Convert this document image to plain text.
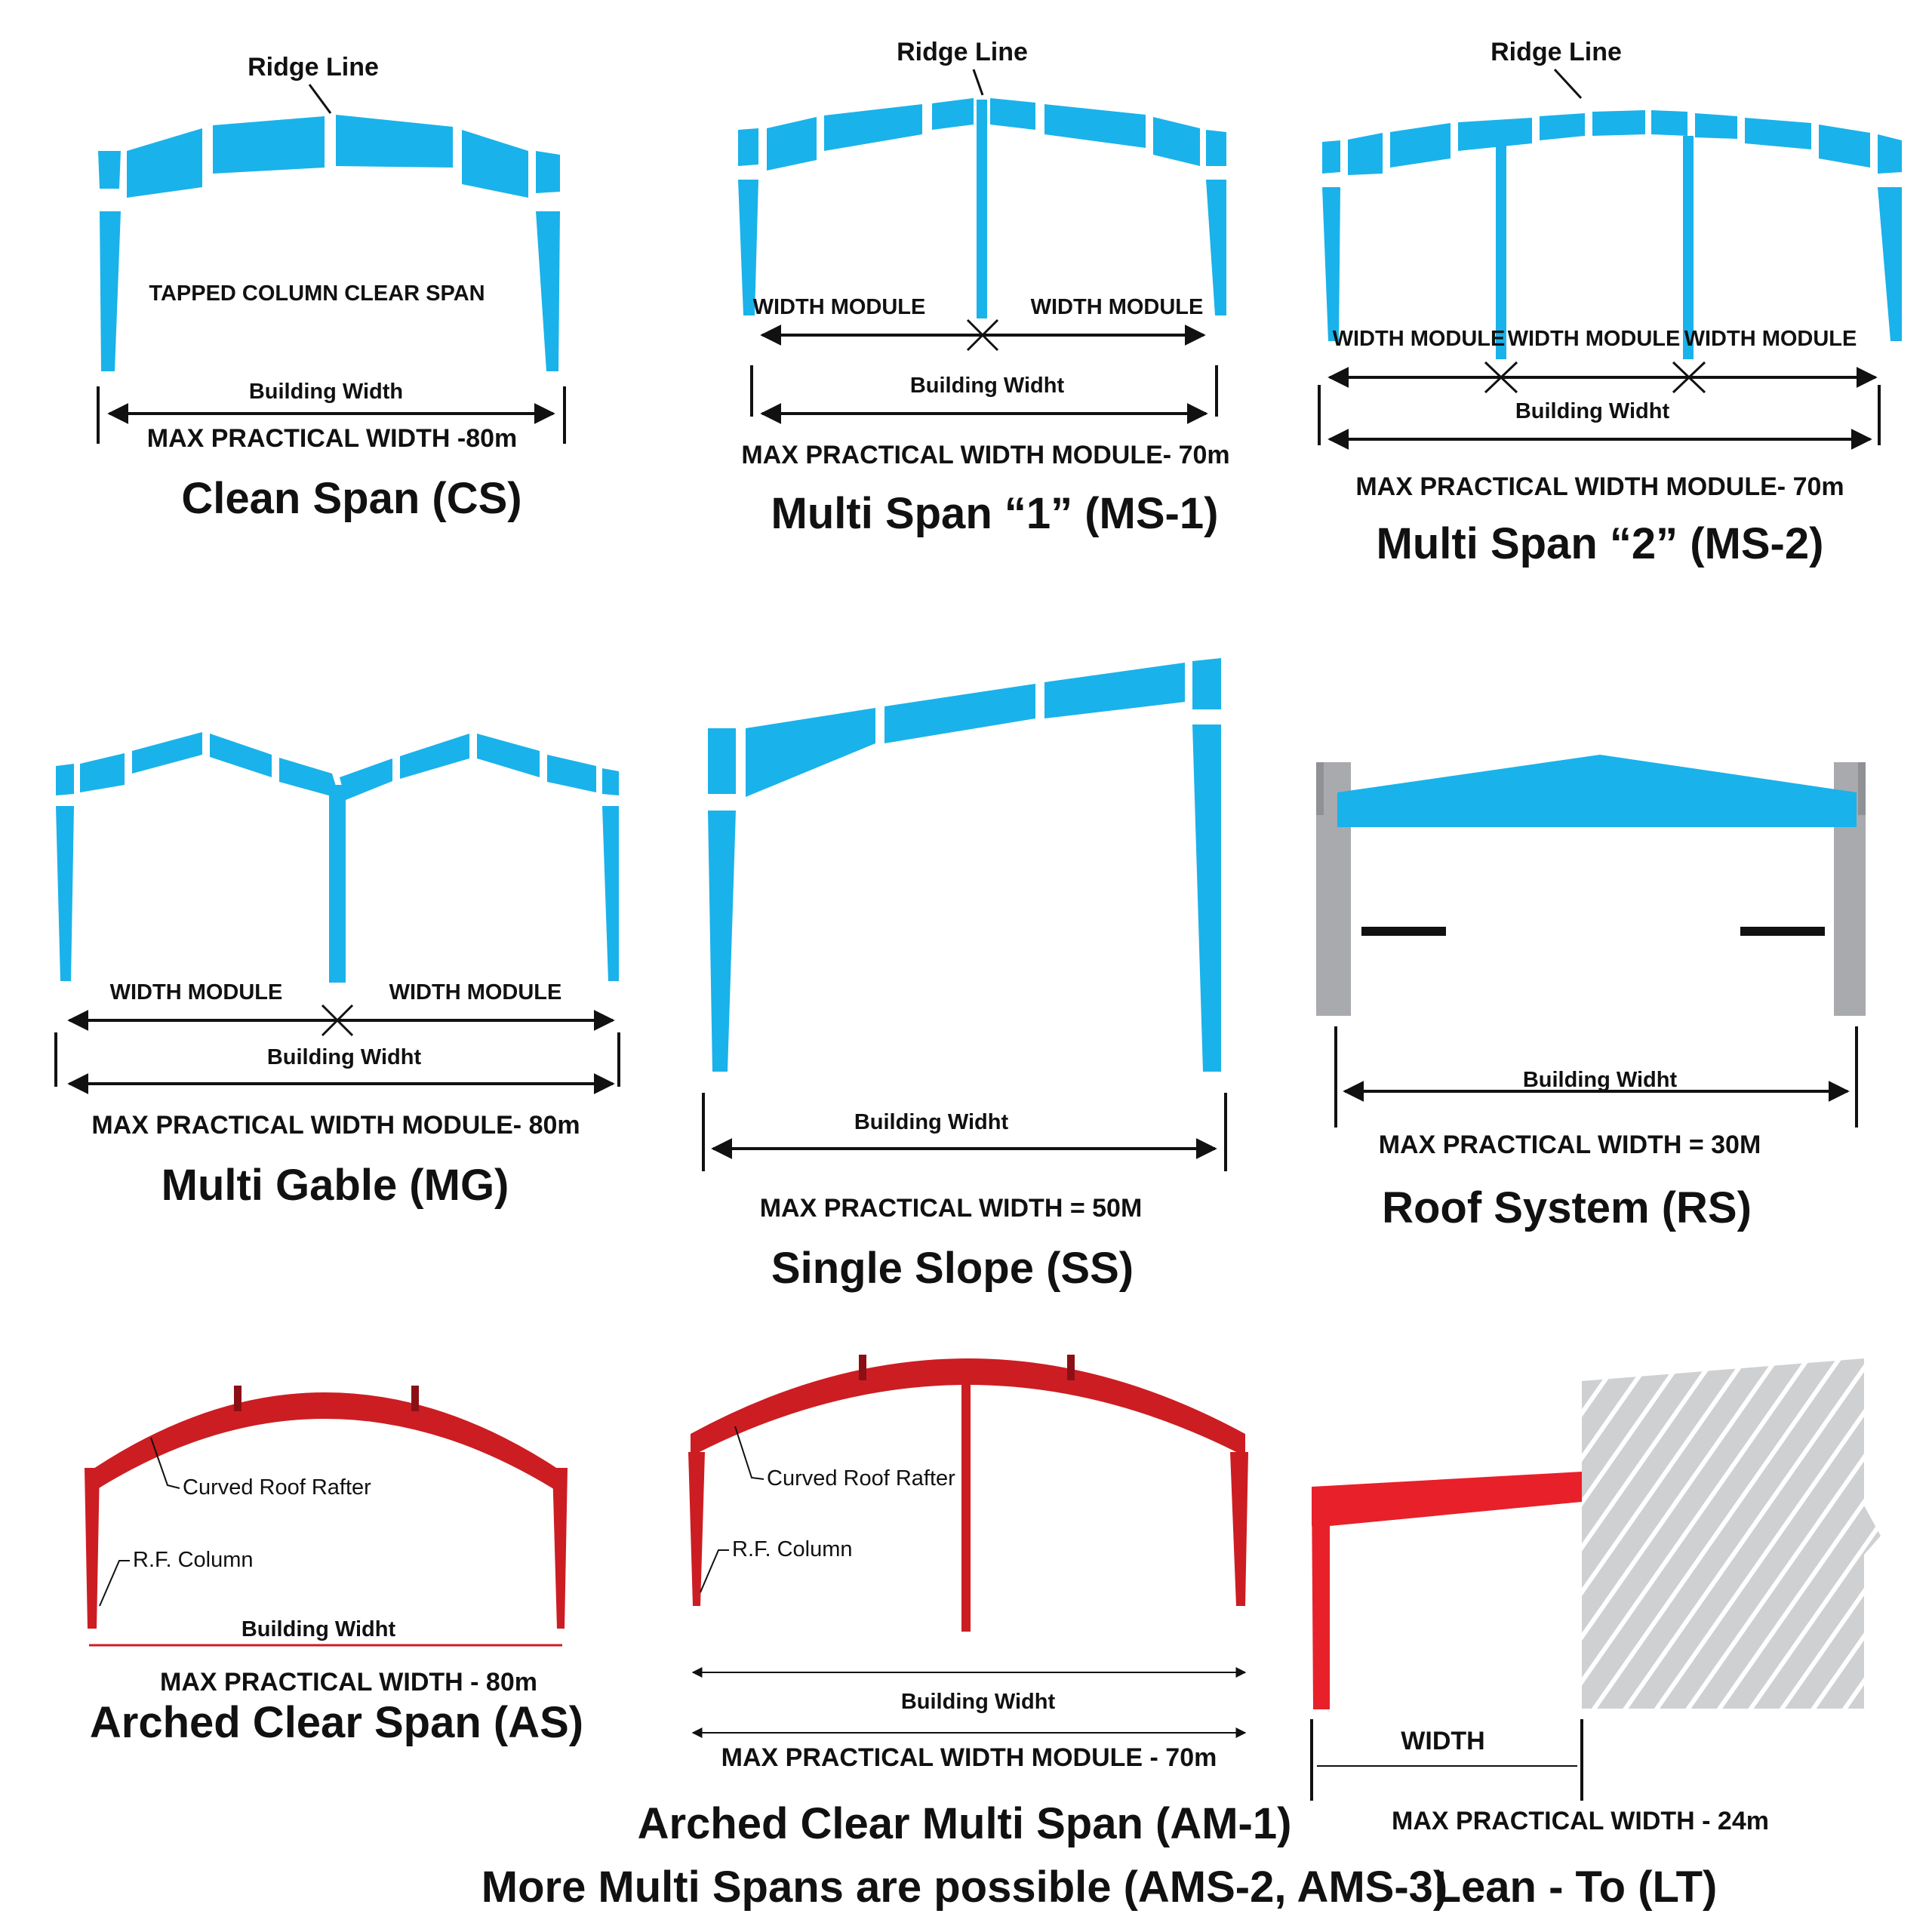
Ridge Line
TAPPED COLUMN CLEAR SPAN
Building Width
MAX PRACTICAL WIDTH -80m
Clean Span (CS)
Ridge Line
WIDTH MODULE	WIDTH MODULE
Building Widht
MAX PRACTICAL WIDTH MODULE- 70m
Multi Span “1” (MS-1)
Ridge Line
WIDTH MODULE WIDTH MODULE WIDTH MODULE
Building Widht
MAX PRACTICAL WIDTH MODULE- 70m
Multi Span “2” (MS-2)
WIDTH MODULE	WIDTH MODULE
Building Widht
MAX PRACTICAL WIDTH MODULE- 80m
Multi Gable (MG)
Building Widht
MAX PRACTICAL WIDTH = 50M
Single Slope (SS)
Building Widht
MAX PRACTICAL WIDTH = 30M
Roof System (RS)
Curved Roof Rafter
R.F. Column
Building Widht
MAX PRACTICAL WIDTH - 80m
Arched Clear Span (AS)
Curved Roof Rafter
R.F. Column
Building Widht
MAX PRACTICAL WIDTH MODULE - 70m
Arched Clear Multi Span (AM-1)
More Multi Spans are possible (AMS-2, AMS-3)
WIDTH
MAX PRACTICAL WIDTH - 24m
Lean - To (LT)
